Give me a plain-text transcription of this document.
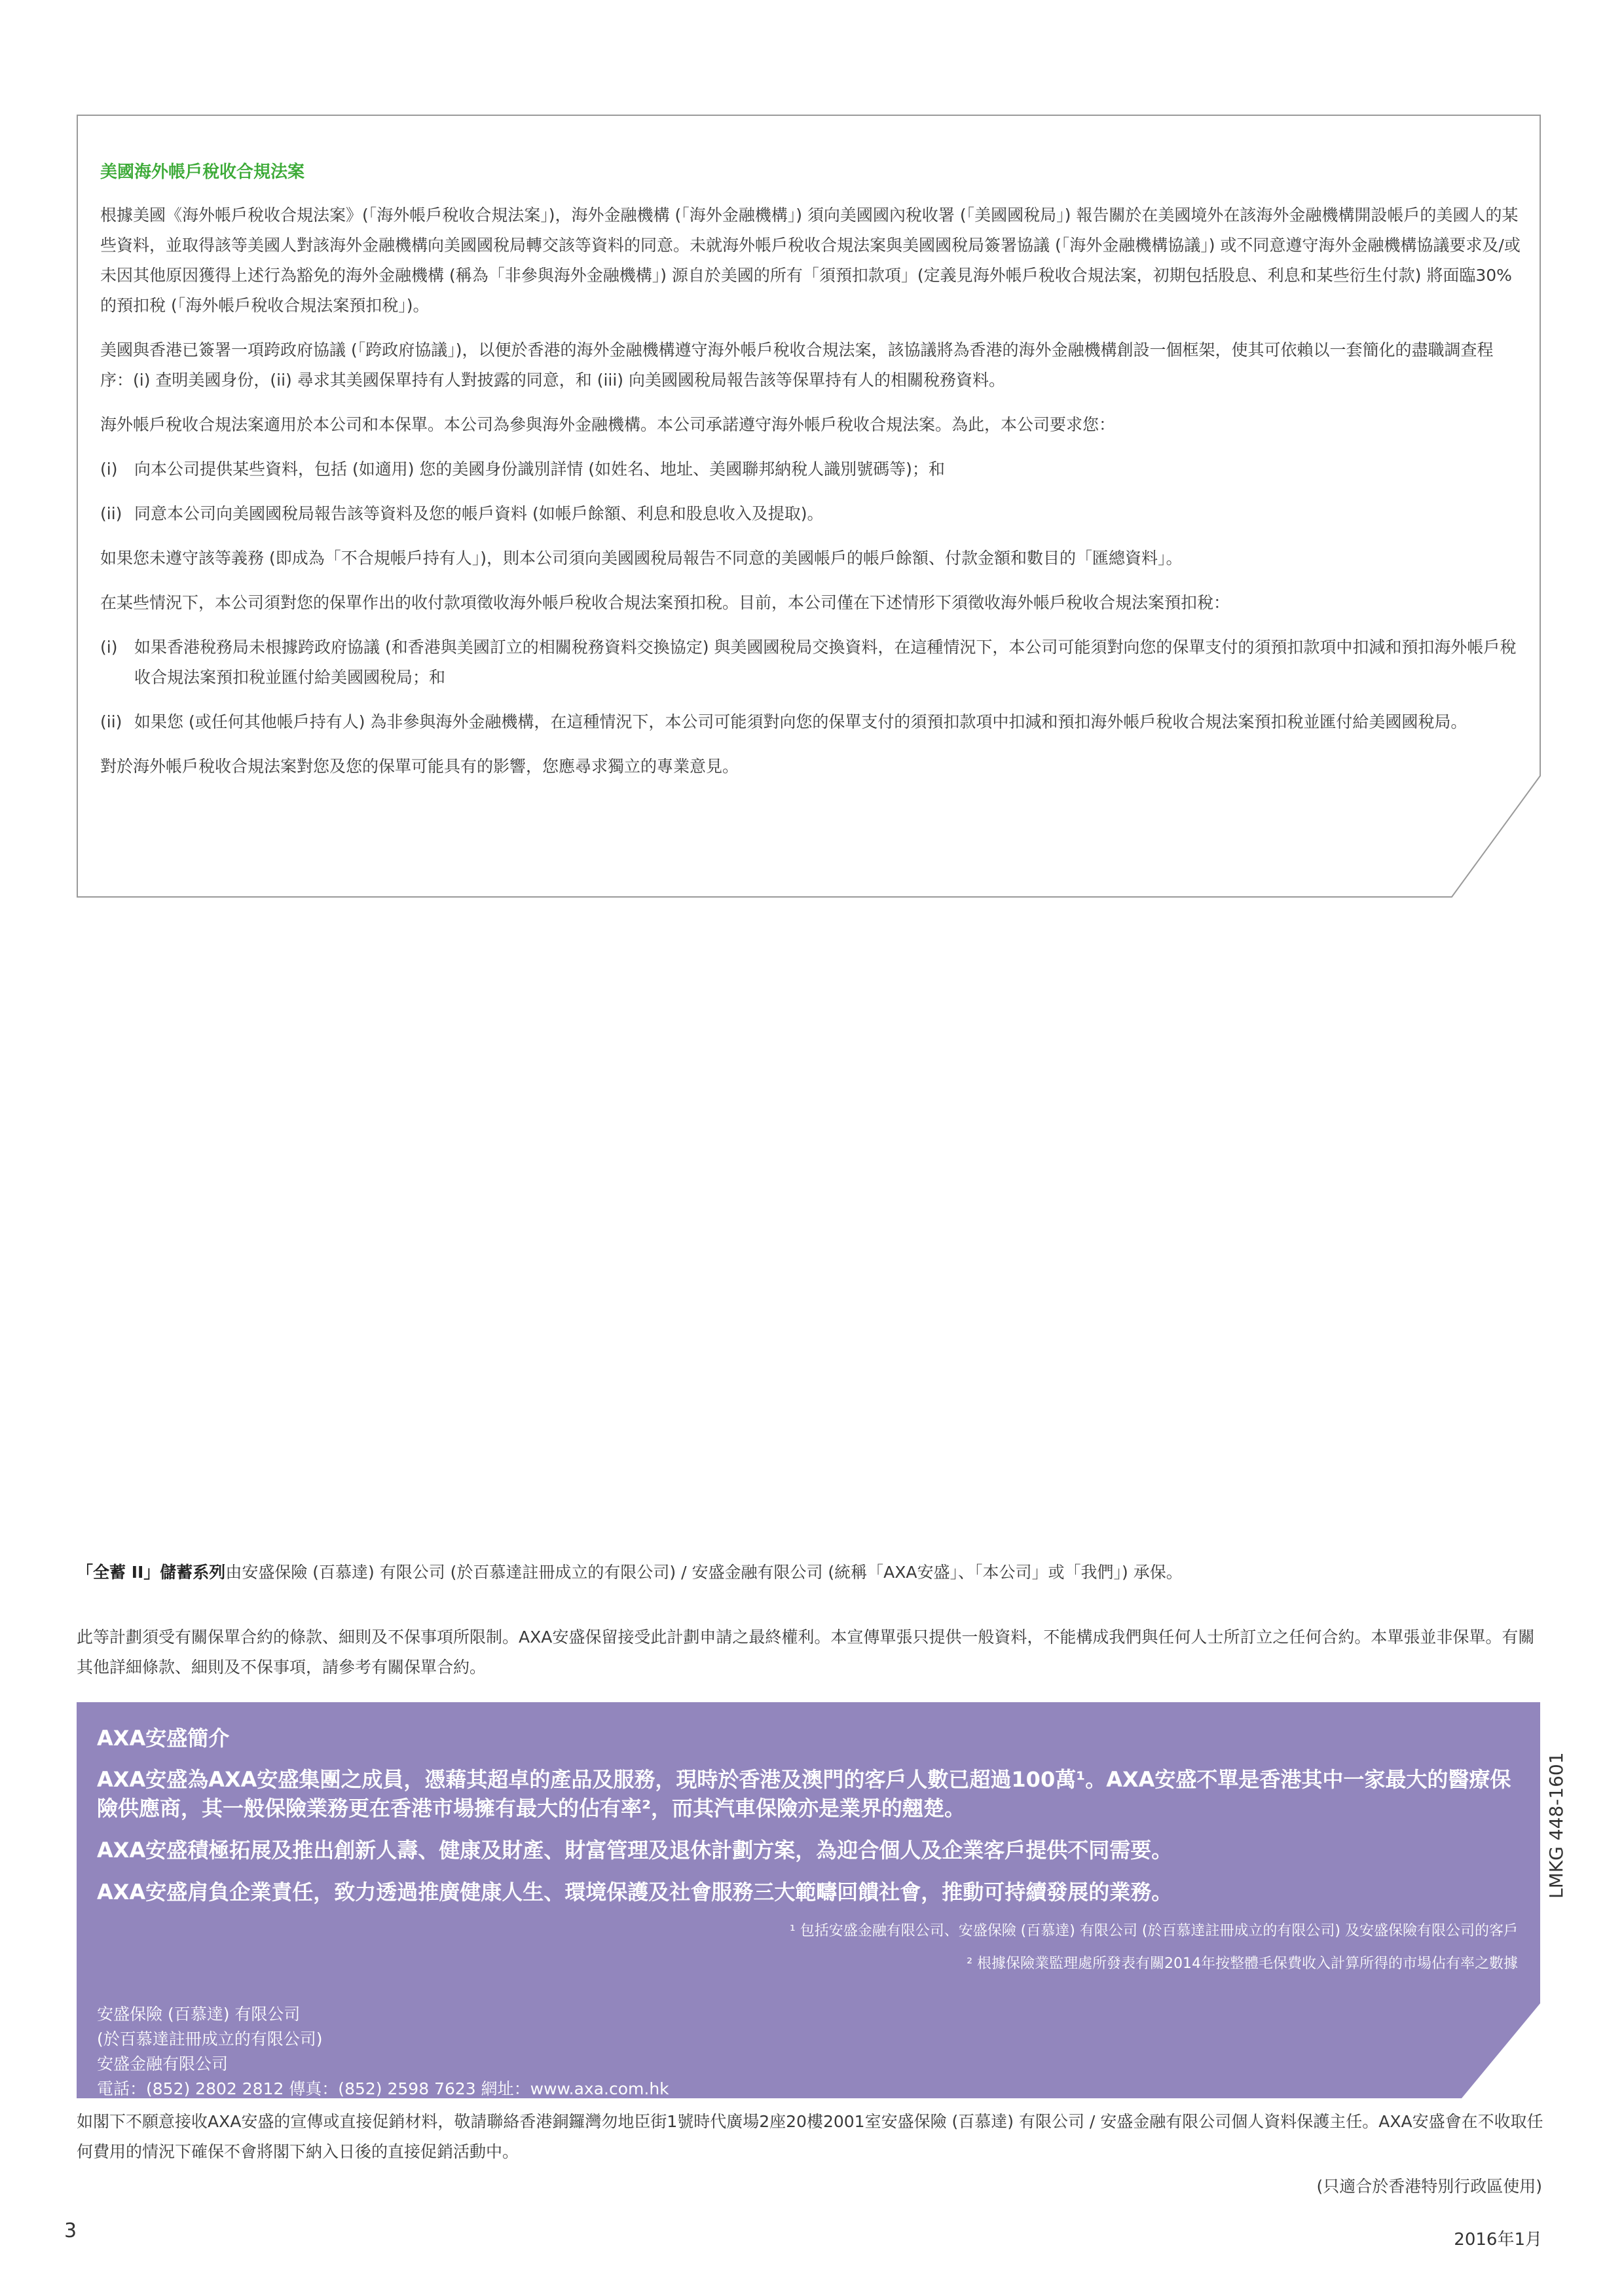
美國海外帳戶稅收合規法案

根據美國《海外帳戶稅收合規法案》(「海外帳戶稅收合規法案」)，海外金融機構 (「海外金融機構」) 須向美國國內稅收署 (「美國國稅局」) 報告關於在美國境外在該海外金融機構開設帳戶的美國人的某些資料，並取得該等美國人對該海外金融機構向美國國稅局轉交該等資料的同意。未就海外帳戶稅收合規法案與美國國稅局簽署協議 (「海外金融機構協議」) 或不同意遵守海外金融機構協議要求及/或未因其他原因獲得上述行為豁免的海外金融機構 (稱為「非參與海外金融機構」) 源自於美國的所有「須預扣款項」(定義見海外帳戶稅收合規法案，初期包括股息、利息和某些衍生付款) 將面臨30%的預扣稅 (「海外帳戶稅收合規法案預扣稅」)。

美國與香港已簽署一項跨政府協議 (「跨政府協議」)，以便於香港的海外金融機構遵守海外帳戶稅收合規法案，該協議將為香港的海外金融機構創設一個框架，使其可依賴以一套簡化的盡職調查程序：(i) 查明美國身份，(ii) 尋求其美國保單持有人對披露的同意，和 (iii) 向美國國稅局報告該等保單持有人的相關稅務資料。

海外帳戶稅收合規法案適用於本公司和本保單。本公司為參與海外金融機構。本公司承諾遵守海外帳戶稅收合規法案。為此，本公司要求您：

(i)	向本公司提供某些資料，包括 (如適用) 您的美國身份識別詳情 (如姓名、地址、美國聯邦納稅人識別號碼等)；和
(ii) 同意本公司向美國國稅局報告該等資料及您的帳戶資料 (如帳戶餘額、利息和股息收入及提取)。

如果您未遵守該等義務 (即成為「不合規帳戶持有人」)，則本公司須向美國國稅局報告不同意的美國帳戶的帳戶餘額、付款金額和數目的「匯總資料」。

在某些情況下，本公司須對您的保單作出的收付款項徵收海外帳戶稅收合規法案預扣稅。目前，本公司僅在下述情形下須徵收海外帳戶稅收合規法案預扣稅：

(i)	如果香港稅務局未根據跨政府協議 (和香港與美國訂立的相關稅務資料交換協定) 與美國國稅局交換資料，在這種情況下，本公司可能須對向您的保單支付的須預扣款項中扣減和預扣海外帳戶稅收合規法案預扣稅並匯付給美國國稅局；和
(ii) 如果您 (或任何其他帳戶持有人) 為非參與海外金融機構，在這種情況下，本公司可能須對向您的保單支付的須預扣款項中扣減和預扣海外帳戶稅收合規法案預扣稅並匯付給美國國稅局。

對於海外帳戶稅收合規法案對您及您的保單可能具有的影響，您應尋求獨立的專業意見。

「全蓄 II」儲蓄系列由安盛保險 (百慕達) 有限公司 (於百慕達註冊成立的有限公司) / 安盛金融有限公司 (統稱「AXA安盛」、「本公司」或「我們」) 承保。
此等計劃須受有關保單合約的條款、細則及不保事項所限制。AXA安盛保留接受此計劃申請之最終權利。本宣傳單張只提供一般資料，不能構成我們與任何人士所訂立之任何合約。本單張並非保單。有關其他詳細條款、細則及不保事項，請參考有關保單合約。
AXA安盛簡介
AXA安盛為AXA安盛集團之成員，憑藉其超卓的產品及服務，現時於香港及澳門的客戶人數已超過100萬¹。AXA安盛不單是香港其中一家最大的醫療保險供應商，其一般保險業務更在香港市場擁有最大的佔有率²，而其汽車保險亦是業界的翹楚。
AXA安盛積極拓展及推出創新人壽、健康及財產、財富管理及退休計劃方案，為迎合個人及企業客戶提供不同需要。
AXA安盛肩負企業責任，致力透過推廣健康人生、環境保護及社會服務三大範疇回饋社會，推動可持續發展的業務。
¹ 包括安盛金融有限公司、安盛保險 (百慕達) 有限公司 (於百慕達註冊成立的有限公司) 及安盛保險有限公司的客戶
² 根據保險業監理處所發表有關2014年按整體毛保費收入計算所得的市場佔有率之數據
安盛保險 (百慕達) 有限公司
(於百慕達註冊成立的有限公司)
安盛金融有限公司
電話：(852) 2802 2812 傳真：(852) 2598 7623 網址：www.axa.com.hk
LMKG 448-1601
如閣下不願意接收AXA安盛的宣傳或直接促銷材料，敬請聯絡香港銅鑼灣勿地臣街1號時代廣場2座20樓2001室安盛保險 (百慕達) 有限公司 / 安盛金融有限公司個人資料保護主任。AXA安盛會在不收取任何費用的情況下確保不會將閣下納入日後的直接促銷活動中。
(只適合於香港特別行政區使用)
3	2016年1月
